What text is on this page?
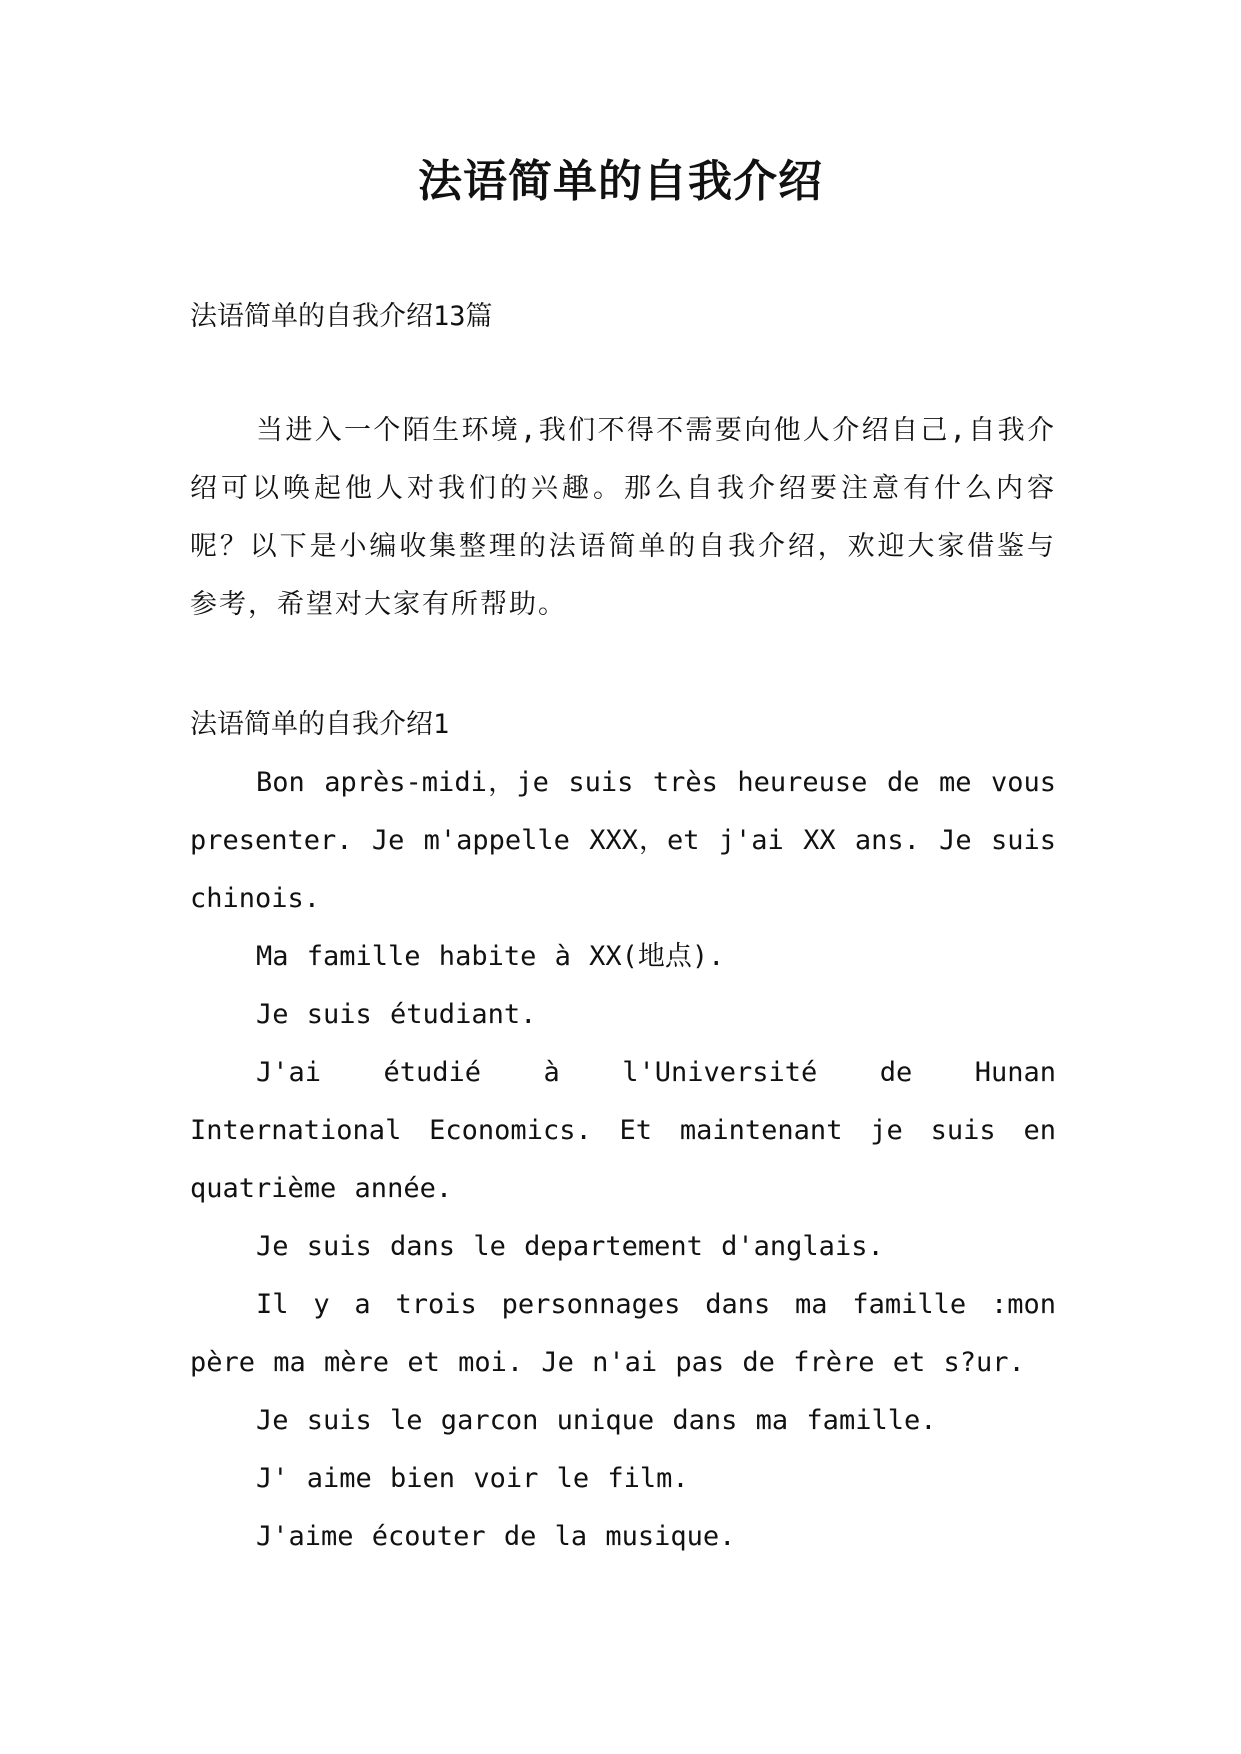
法语简单的自我介绍

法语简单的自我介绍13篇

当进入一个陌生环境,我们不得不需要向他人介绍自己,自我介绍可以唤起他人对我们的兴趣。那么自我介绍要注意有什么内容呢？以下是小编收集整理的法语简单的自我介绍，欢迎大家借鉴与参考，希望对大家有所帮助。

法语简单的自我介绍1

Bon après-midi，je suis très heureuse de me vous presenter. Je m'appelle XXX，et j'ai XX ans. Je suis chinois.

Ma famille habite à XX(地点).

Je suis étudiant.

J'ai étudié à l'Université de Hunan International Economics. Et maintenant je suis en quatrième année.

Je suis dans le departement d'anglais.

Il y a trois personnages dans ma famille :mon père ma mère et moi. Je n'ai pas de frère et s?ur.

Je suis le garcon unique dans ma famille.

J' aime bien voir le film.

J'aime écouter de la musique.
